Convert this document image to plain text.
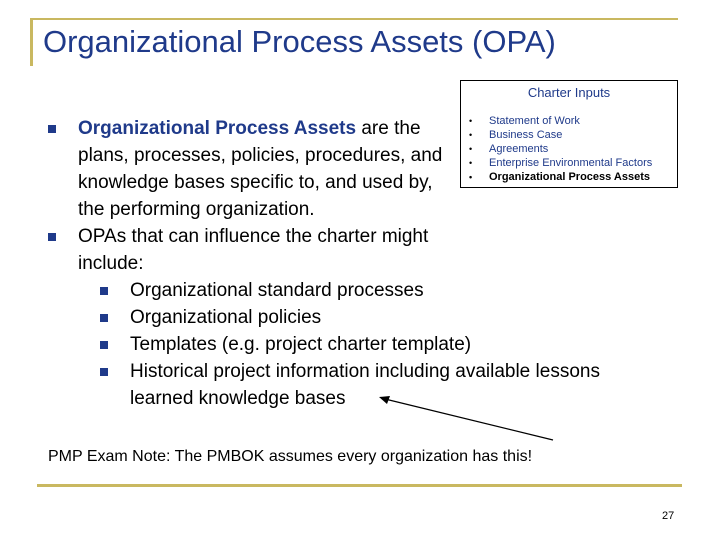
Organizational Process Assets (OPA)
Charter Inputs
• Statement of Work
• Business Case
• Agreements
• Enterprise Environmental Factors
• Organizational Process Assets
Organizational Process Assets are the plans, processes, policies, procedures, and knowledge bases specific to, and used by, the performing organization.
OPAs that can influence the charter might include:
Organizational standard processes
Organizational policies
Templates (e.g. project charter template)
Historical project information including available lessons learned knowledge bases
PMP Exam Note: The PMBOK assumes every organization has this!
27
